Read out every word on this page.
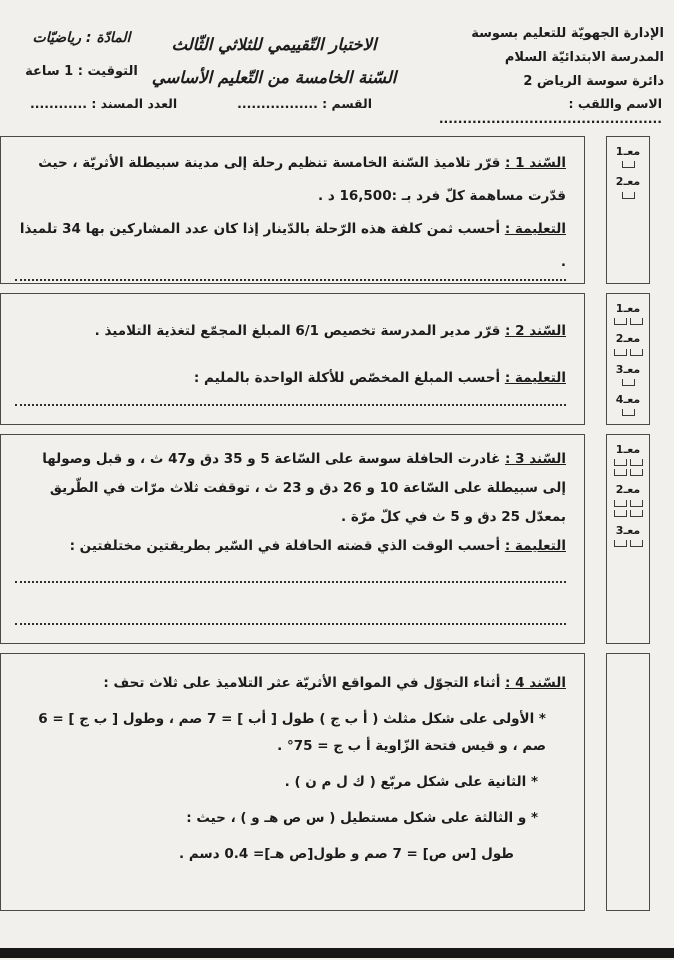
الإدارة الجهويّة للتعليم بسوسة
المدرسة الابتدائيّة السلام
دائرة سوسة الرياض 2
الاختبار التّقييمي للثلاثي الثّالث
السّنة الخامسة من التّعليم الأساسي
المادّة : رياضيّات
التوقيت : 1 ساعة
الاسم واللقب : ...............................................
القسم : .................
العدد المسند : ............
معـ1
معـ2

السّند 1 : قرّر تلاميذ السّنة الخامسة تنظيم رحلة إلى مدينة سبيطلة الأثريّة ، حيث قدّرت مساهمة كلّ فرد بـ :16,500 د .

التعليمة : أحسب ثمن كلفة هذه الرّحلة بالدّينار إذا كان عدد المشاركين بها 34 تلميذا .

معـ1
معـ2
معـ3
معـ4

السّند 2 : قرّر مدير المدرسة تخصيص 6/1 المبلغ المجمّع لتغذية التلاميذ .

التعليمة : أحسب المبلغ المخصّص للأكلة الواحدة بالمليم :

معـ1
معـ2
معـ3

السّند 3 : غادرت الحافلة سوسة على السّاعة 5 و 35 دق و47 ث ، و قبل وصولها إلى سبيطلة على السّاعة 10 و 26 دق و 23 ث ، توقفت ثلاث مرّات في الطّريق بمعدّل 25 دق و 5 ث في كلّ مرّة .

التعليمة : أحسب الوقت الذي قضته الحافلة في السّير بطريقتين مختلفتين :

السّند 4 : أثناء التجوّل في المواقع الأثريّة عثر التلاميذ على ثلاث تحف :

* الأولى على شكل مثلث ( أ ب ج ) طول [ أب ] = 7 صم ، وطول [ ب ج ] = 6 صم ، و قيس فتحة الزّاوية أ ب ج = 75° .

* الثانية على شكل مربّع ( ك ل م ن ) .

* و الثالثة على شكل مستطيل ( س ص هـ و ) ، حيث :

طول [س ص] = 7 صم و طول[ص هـ]= 0.4 دسم .
